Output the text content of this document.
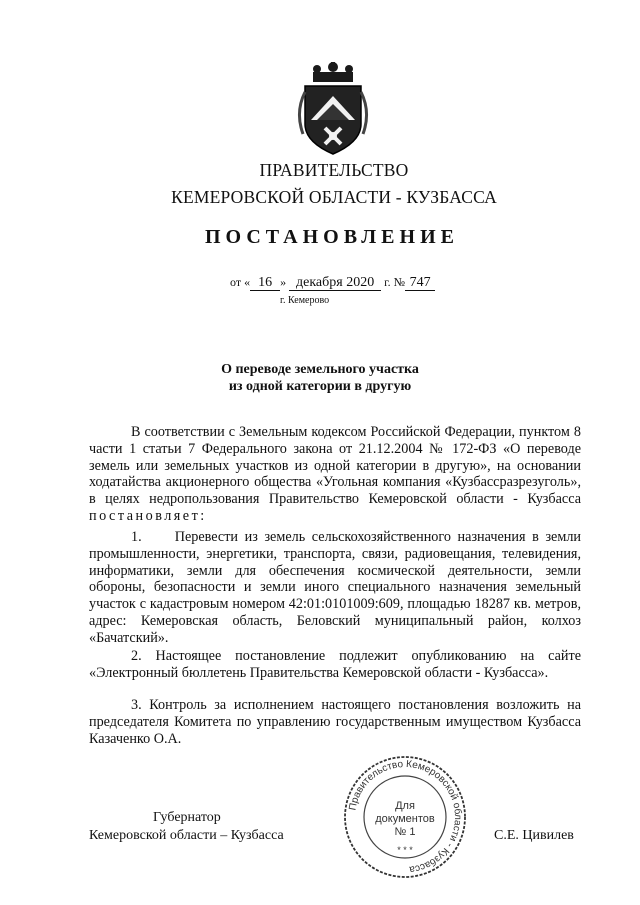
ПРАВИТЕЛЬСТВО
КЕМЕРОВСКОЙ ОБЛАСТИ - КУЗБАССА
ПОСТАНОВЛЕНИЕ
от « 16 » декабря 2020 г. № 747
г. Кемерово
О переводе земельного участка
из одной категории в другую
В соответствии с Земельным кодексом Российской Федерации, пунктом 8 части 1 статьи 7 Федерального закона от 21.12.2004 № 172-ФЗ «О переводе земель или земельных участков из одной категории в другую», на основании ходатайства акционерного общества «Угольная компания «Кузбассразрезуголь», в целях недропользования Правительство Кемеровской области - Кузбасса постановляет:
1. Перевести из земель сельскохозяйственного назначения в земли промышленности, энергетики, транспорта, связи, радиовещания, телевидения, информатики, земли для обеспечения космической деятельности, земли обороны, безопасности и земли иного специального назначения земельный участок с кадастровым номером 42:01:0101009:609, площадью 18287 кв. метров, адрес: Кемеровская область, Беловский муниципальный район, колхоз «Бачатский».
2. Настоящее постановление подлежит опубликованию на сайте «Электронный бюллетень Правительства Кемеровской области - Кузбасса».
3. Контроль за исполнением настоящего постановления возложить на председателя Комитета по управлению государственным имуществом Кузбасса Казаченко О.А.
Губернатор
Кемеровской области – Кузбасса	С.Е. Цивилев
Правительство Кемеровской области - Кузбасса
* * *
Для
документов
№ 1
